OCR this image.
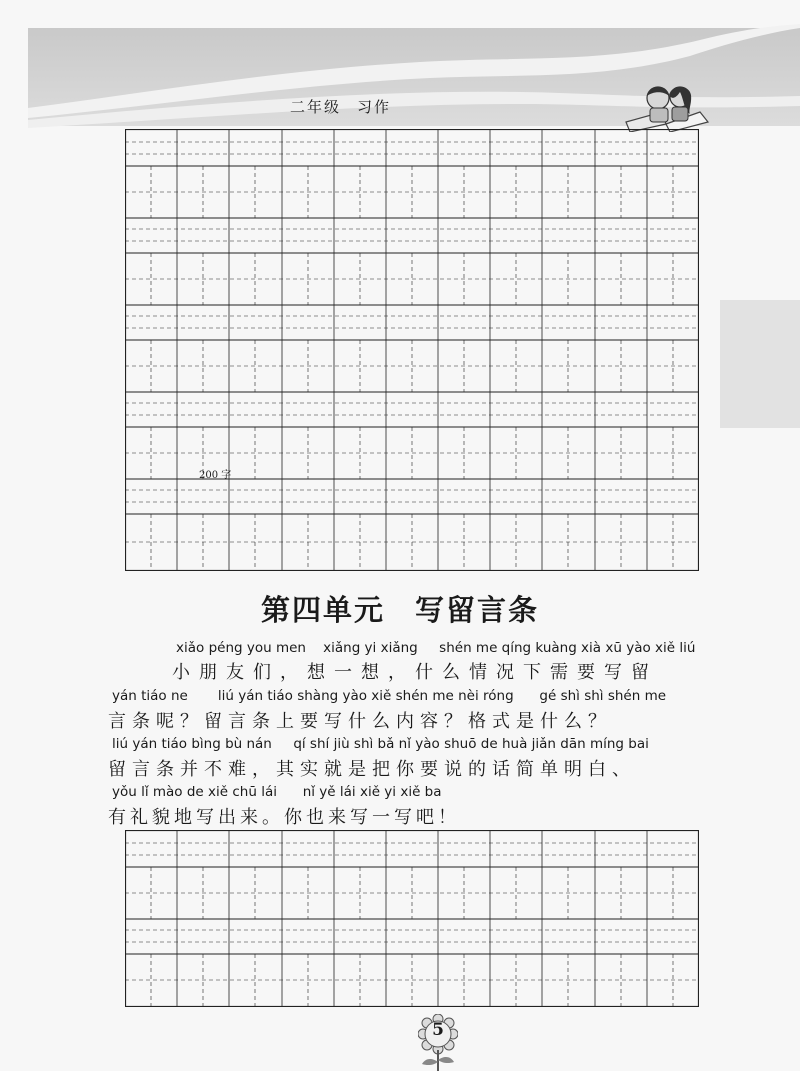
二年级 习作
200 字
第四单元 写留言条
xiǎo péng you men    xiǎng yi xiǎng     shén me qíng kuàng xià xū yào xiě liú
小朋友们，想一想，什么情况下需要写留
yán tiáo ne       liú yán tiáo shàng yào xiě shén me nèi róng      gé shì shì shén me
言条呢？留言条上要写什么内容？格式是什么？
liú yán tiáo bìng bù nán     qí shí jiù shì bǎ nǐ yào shuō de huà jiǎn dān míng bai
留言条并不难，其实就是把你要说的话简单明白、
yǒu lǐ mào de xiě chū lái      nǐ yě lái xiě yi xiě ba
有礼貌地写出来。你也来写一写吧！
5
